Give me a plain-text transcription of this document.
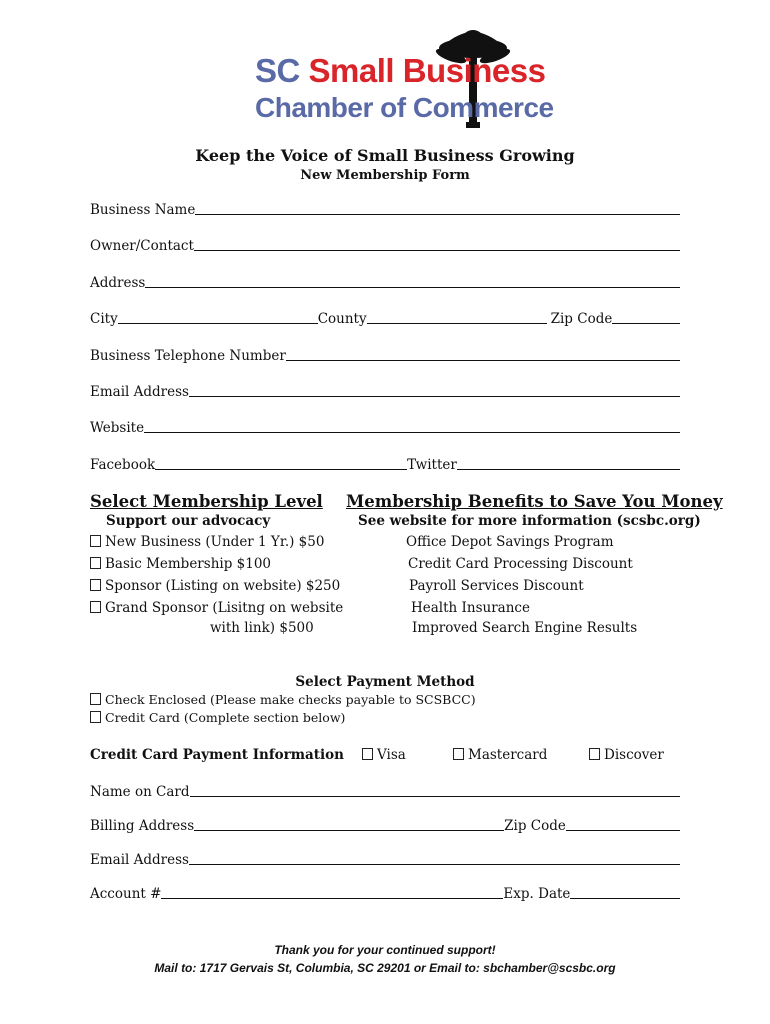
SC Small Business
Chamber of Commerce
Keep the Voice of Small Business Growing
New Membership Form
Business Name
Owner/Contact
Address
City	County	Zip Code
Business Telephone Number
Email Address
Website
Facebook	Twitter
Select Membership Level
Support our advocacy
New Business (Under 1 Yr.) $50
Basic Membership $100
Sponsor (Listing on website) $250
Grand Sponsor (Lisitng on website
with link) $500
Membership Benefits to Save You Money
See website for more information (scsbc.org)
Office Depot Savings Program
Credit Card Processing Discount
Payroll Services Discount
Health Insurance
Improved Search Engine Results
Select Payment Method
Check Enclosed (Please make checks payable to SCSBCC)
Credit Card (Complete section below)
Credit Card Payment Information	Visa	Mastercard	Discover
Name on Card
Billing Address	Zip Code
Email Address
Account #	Exp. Date
Thank you for your continued support!
Mail to: 1717 Gervais St, Columbia, SC 29201 or Email to: sbchamber@scsbc.org
